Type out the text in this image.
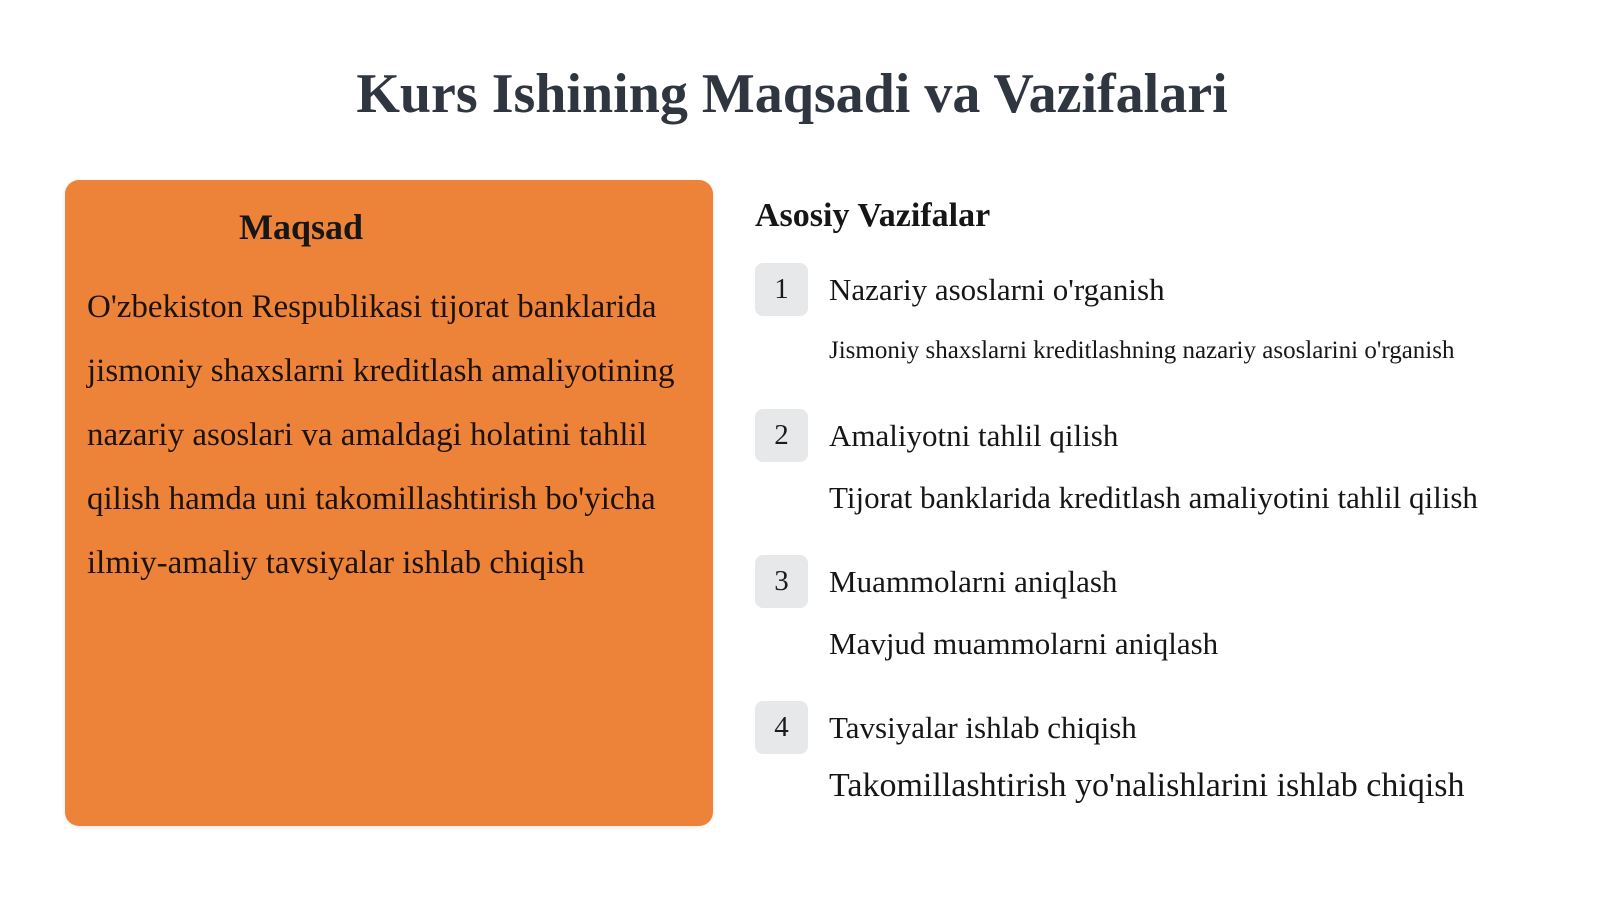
Kurs Ishining Maqsadi va Vazifalari
Maqsad

O'zbekiston Respublikasi tijorat banklarida jismoniy shaxslarni kreditlash amaliyotining nazariy asoslari va amaldagi holatini tahlil qilish hamda uni takomillashtirish bo'yicha ilmiy-amaliy tavsiyalar ishlab chiqish

Asosiy Vazifalar
1	Nazariy asoslarni o'rganish
Jismoniy shaxslarni kreditlashning nazariy asoslarini o'rganish
2	Amaliyotni tahlil qilish
Tijorat banklarida kreditlash amaliyotini tahlil qilish
3	Muammolarni aniqlash
Mavjud muammolarni aniqlash
4	Tavsiyalar ishlab chiqish
Takomillashtirish yo'nalishlarini ishlab chiqish
